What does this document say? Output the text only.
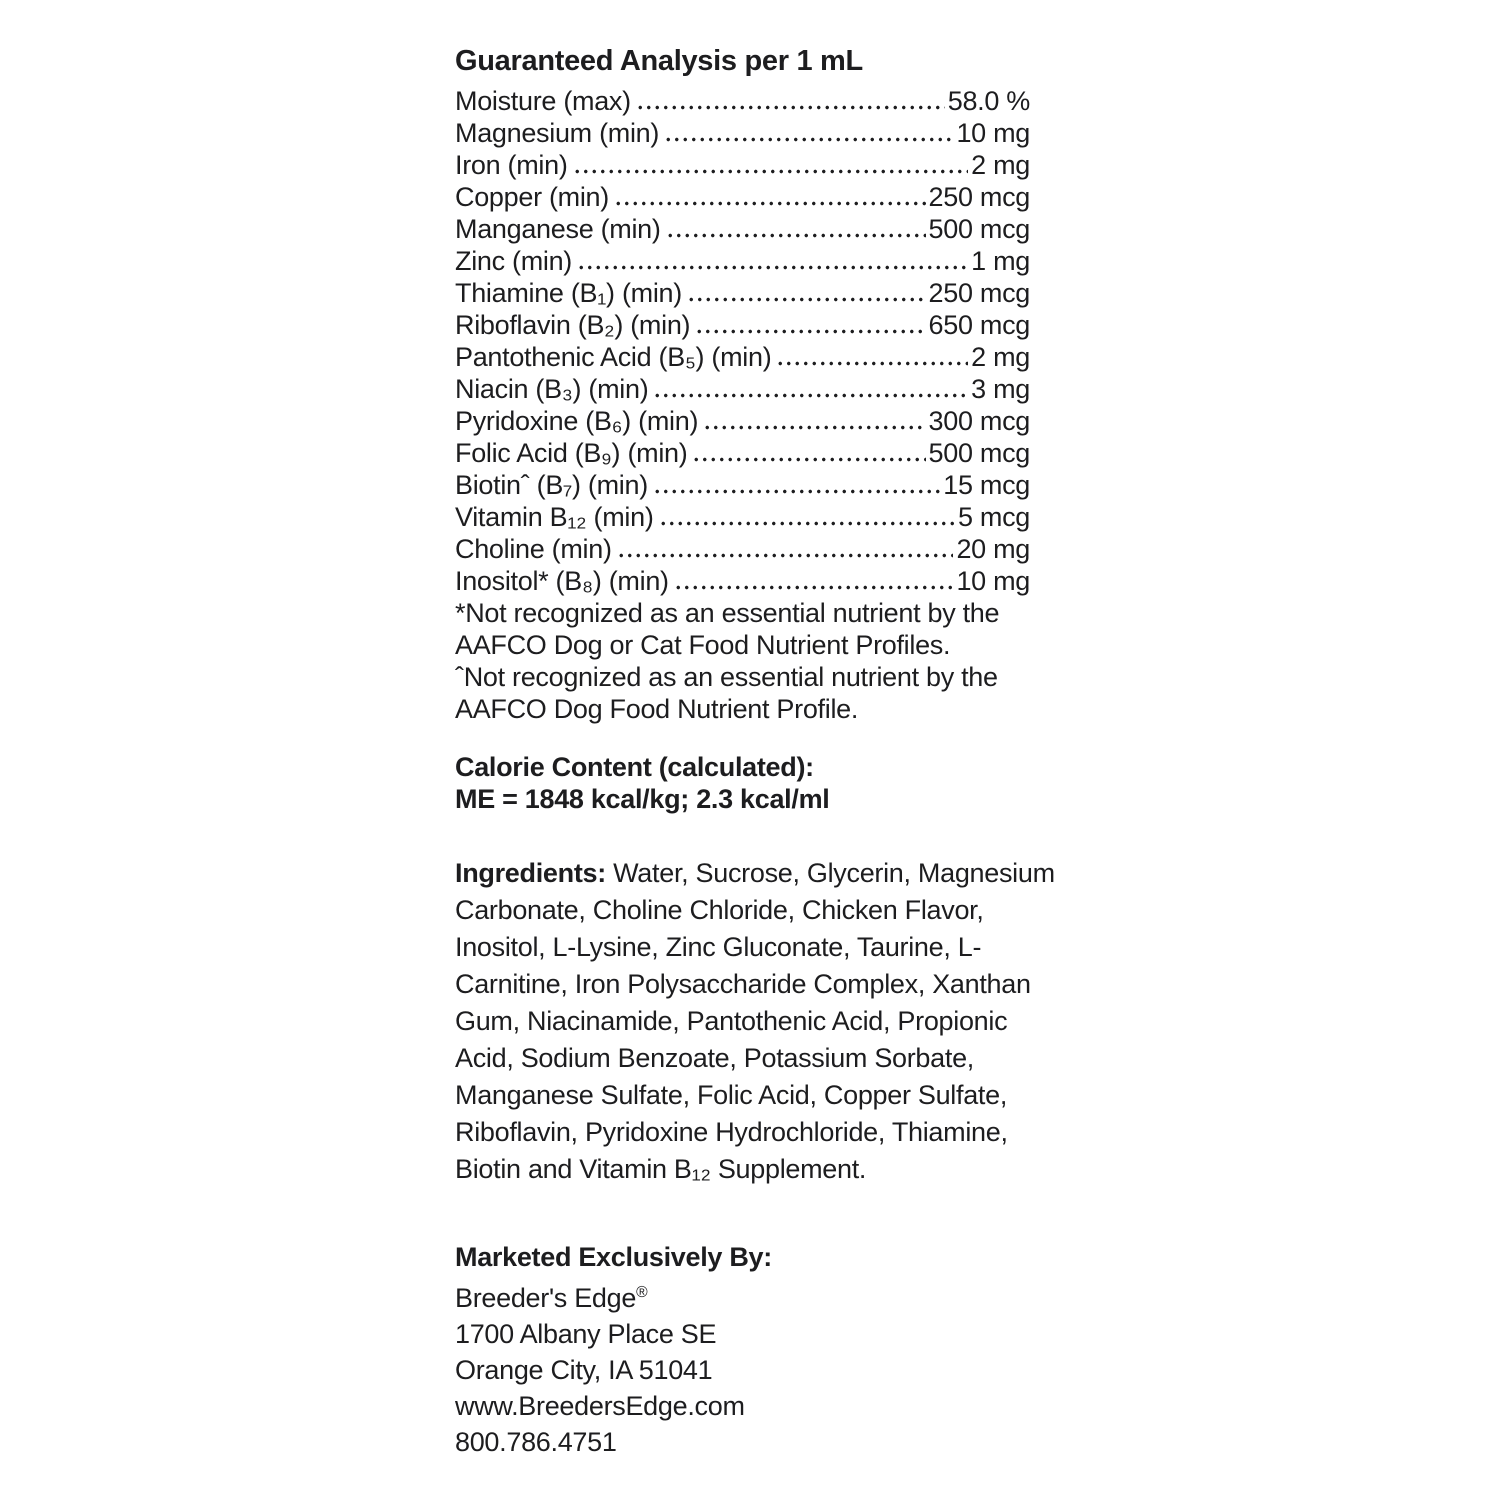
Guaranteed Analysis per 1 mL
Moisture (max)	58.0 %
Magnesium (min)	10 mg
Iron (min)	2 mg
Copper (min)	250 mcg
Manganese (min)	500 mcg
Zinc (min)	1 mg
Thiamine (B₁) (min)	250 mcg
Riboflavin (B₂) (min)	650 mcg
Pantothenic Acid (B₅) (min)	2 mg
Niacin (B₃) (min)	3 mg
Pyridoxine (B₆) (min)	300 mcg
Folic Acid (B₉) (min)	500 mcg
Biotinˆ (B₇) (min)	15 mcg
Vitamin B₁₂ (min)	5 mcg
Choline (min)	20 mg
Inositol* (B₈) (min)	10 mg

*Not recognized as an essential nutrient by the AAFCO Dog or Cat Food Nutrient Profiles.

ˆNot recognized as an essential nutrient by the AAFCO Dog Food Nutrient Profile.

Calorie Content (calculated):

ME = 1848 kcal/kg; 2.3 kcal/ml

Ingredients: Water, Sucrose, Glycerin, Magnesium Carbonate, Choline Chloride, Chicken Flavor, Inositol, L-Lysine, Zinc Gluconate, Taurine, L-Carnitine, Iron Polysaccharide Complex, Xanthan Gum, Niacinamide, Pantothenic Acid, Propionic Acid, Sodium Benzoate, Potassium Sorbate, Manganese Sulfate, Folic Acid, Copper Sulfate, Riboflavin, Pyridoxine Hydrochloride, Thiamine, Biotin and Vitamin B₁₂ Supplement.

Marketed Exclusively By:

Breeder's Edge®

1700 Albany Place SE

Orange City, IA 51041

www.BreedersEdge.com

800.786.4751
